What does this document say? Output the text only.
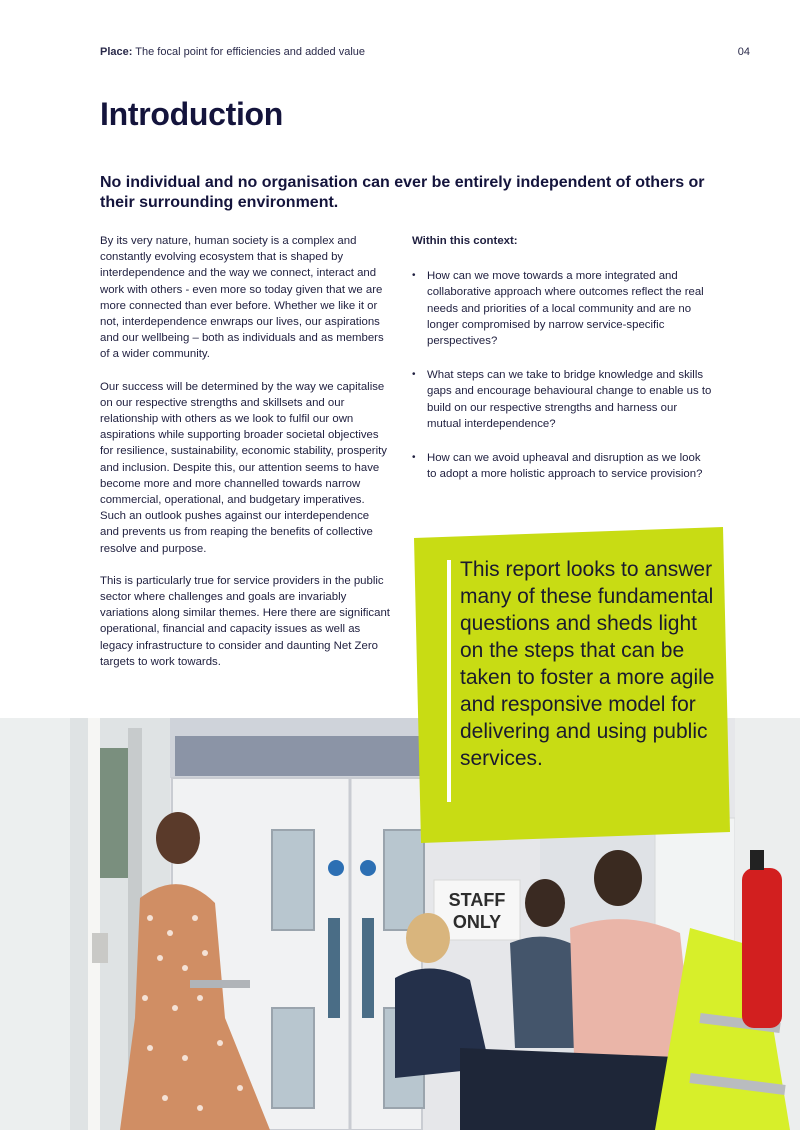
Place: The focal point for efficiencies and added value	04
Introduction

No individual and no organisation can ever be entirely independent of others or their surrounding environment.

By its very nature, human society is a complex and constantly evolving ecosystem that is shaped by interdependence and the way we connect, interact and work with others - even more so today given that we are more connected than ever before. Whether we like it or not, interdependence enwraps our lives, our aspirations and our wellbeing – both as individuals and as members of a wider community.

Our success will be determined by the way we capitalise on our respective strengths and skillsets and our relationship with others as we look to fulfil our own aspirations while supporting broader societal objectives for resilience, sustainability, economic stability, prosperity and inclusion. Despite this, our attention seems to have become more and more channelled towards narrow commercial, operational, and budgetary imperatives. Such an outlook pushes against our interdependence and prevents us from reaping the benefits of collective resolve and purpose.

This is particularly true for service providers in the public sector where challenges and goals are invariably variations along similar themes. Here there are significant operational, financial and capacity issues as well as legacy infrastructure to consider and daunting Net Zero targets to work towards.

Within this context:

• How can we move towards a more integrated and collaborative approach where outcomes reflect the real needs and priorities of a local community and are no longer compromised by narrow service-specific perspectives?
• What steps can we take to bridge knowledge and skills gaps and encourage behavioural change to enable us to build on our respective strengths and harness our mutual interdependence?
• How can we avoid upheaval and disruption as we look to adopt a more holistic approach to service provision?
STAFF
ONLY
This report looks to answer many of these fundamental questions and sheds light on the steps that can be taken to foster a more agile and responsive model for delivering and using public services.
